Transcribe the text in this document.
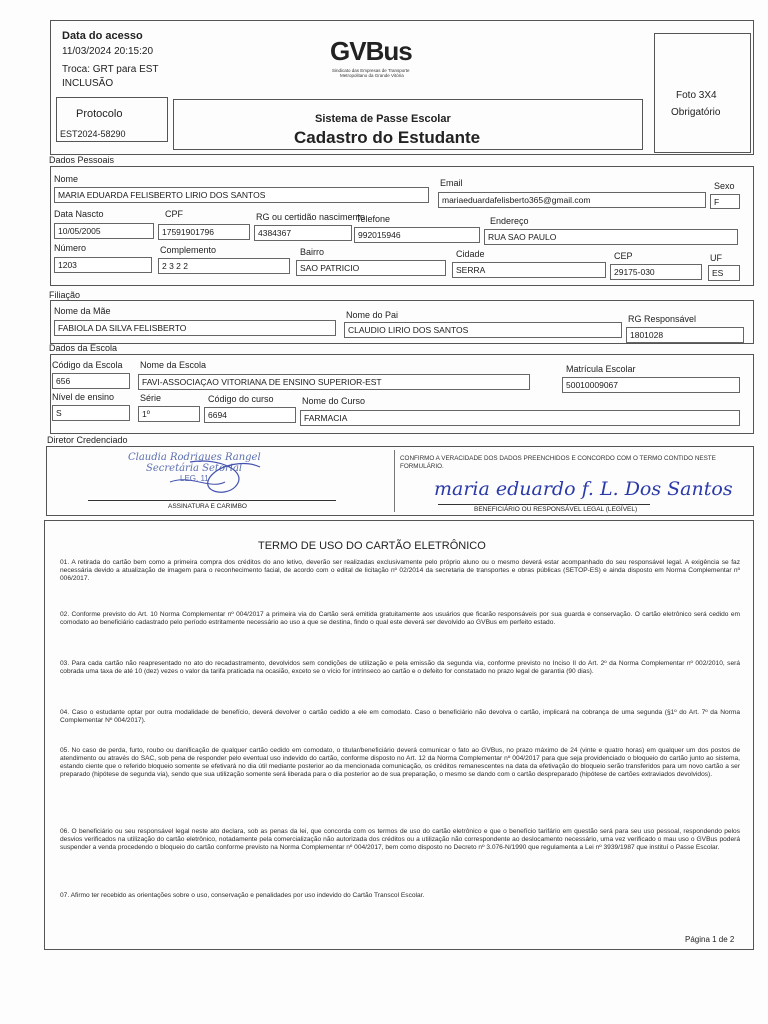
Data do acesso
11/03/2024 20:15:20
Troca: GRT para EST
INCLUSÃO
GVBus
Sindicato das Empresas de Transporte
Metropolitano da Grande Vitória
Protocolo
EST2024-58290
Sistema de Passe Escolar
Cadastro do Estudante
Foto 3X4
Obrigatório
Dados Pessoais
Nome
MARIA EDUARDA FELISBERTO LIRIO DOS SANTOS
Email
mariaeduardafelisberto365@gmail.com
Sexo
F
Data Nascto
10/05/2005
CPF
17591901796
RG ou certidão nascimento
4384367
Telefone
992015946
Endereço
RUA SAO PAULO
Número
1203
Complemento
2 3 2 2
Bairro
SAO PATRICIO
Cidade
SERRA
CEP
29175-030
UF
ES
Filiação
Nome da Mãe
FABIOLA DA SILVA FELISBERTO
Nome do Pai
CLAUDIO LIRIO DOS SANTOS
RG Responsável
1801028
Dados da Escola
Código da Escola
656
Nome da Escola
FAVI-ASSOCIAÇAO VITORIANA DE ENSINO SUPERIOR-EST
Matrícula Escolar
50010009067
Nível de ensino
S
Série
1º
Código do curso
6694
Nome do Curso
FARMACIA
Diretor Credenciado
Claudia Rodrigues Rangel
Secretária Setorial
LEG. 11
ASSINATURA E CARIMBO
CONFIRMO A VERACIDADE DOS DADOS PREENCHIDOS E CONCORDO COM O TERMO CONTIDO NESTE FORMULÁRIO.
maria eduardo f. L. Dos Santos
BENEFICIÁRIO OU RESPONSÁVEL LEGAL (LEGÍVEL)
TERMO DE USO DO CARTÃO ELETRÔNICO
01. A retirada do cartão bem como a primeira compra dos créditos do ano letivo, deverão ser realizadas exclusivamente pelo próprio aluno ou o mesmo deverá estar acompanhado do seu responsável legal. A exigência se faz necessária devido a atualização de imagem para o reconhecimento facial, de acordo com o edital de licitação nº 02/2014 da secretaria de transportes e obras públicas (SETOP-ES) e ainda disposto em Norma Complementar nº 006/2017.
02. Conforme previsto do Art. 10 Norma Complementar nº 004/2017 a primeira via do Cartão será emitida gratuitamente aos usuários que ficarão responsáveis por sua guarda e conservação. O cartão eletrônico será cedido em comodato ao beneficiário cadastrado pelo período estritamente necessário ao uso a que se destina, findo o qual este deverá ser devolvido ao GVBus em perfeito estado.
03. Para cada cartão não reapresentado no ato do recadastramento, devolvidos sem condições de utilização e pela emissão da segunda via, conforme previsto no Inciso II do Art. 2º da Norma Complementar nº 002/2010, será cobrada uma taxa de até 10 (dez) vezes o valor da tarifa praticada na ocasião, exceto se o vício for intrínseco ao cartão e o defeito for constatado no prazo legal de garantia (90 dias).
04. Caso o estudante optar por outra modalidade de benefício, deverá devolver o cartão cedido a ele em comodato. Caso o beneficiário não devolva o cartão, implicará na cobrança de uma segunda (§1º do Art. 7º da Norma Complementar Nº 004/2017).
05. No caso de perda, furto, roubo ou danificação de qualquer cartão cedido em comodato, o titular/beneficiário deverá comunicar o fato ao GVBus, no prazo máximo de 24 (vinte e quatro horas) em qualquer um dos postos de atendimento ou através do SAC, sob pena de responder pelo eventual uso indevido do cartão, conforme disposto no Art. 12 da Norma Complementar nº 004/2017 para que seja providenciado o bloqueio do cartão junto ao sistema, estando ciente que o referido bloqueio somente se efetivará no dia útil mediante posterior ao da mencionada comunicação, os créditos remanescentes na data da efetivação do bloqueio serão transferidos para um novo cartão a ser preparado (hipótese de segunda via), sendo que sua utilização somente será liberada para o dia posterior ao de sua preparação, o mesmo se dando com o cartão despreparado (hipótese de cartões extraviados devolvidos).
06. O beneficiário ou seu responsável legal neste ato declara, sob as penas da lei, que concorda com os termos de uso do cartão eletrônico e que o benefício tarifário em questão será para seu uso pessoal, respondendo pelos desvios verificados na utilização do cartão eletrônico, notadamente pela comercialização não autorizada dos créditos ou a utilização não correspondente ao deslocamento necessário, uma vez verificado o mau uso o GVBus poderá suspender a venda procedendo o bloqueio do cartão conforme previsto na Norma Complementar nº 004/2017, bem como disposto no Decreto nº 3.076-N/1990 que regulamenta a Lei nº 3939/1987 que instituí o Passe Escolar.
07. Afirmo ter recebido as orientações sobre o uso, conservação e penalidades por uso indevido do Cartão Transcol Escolar.
Página 1 de 2
